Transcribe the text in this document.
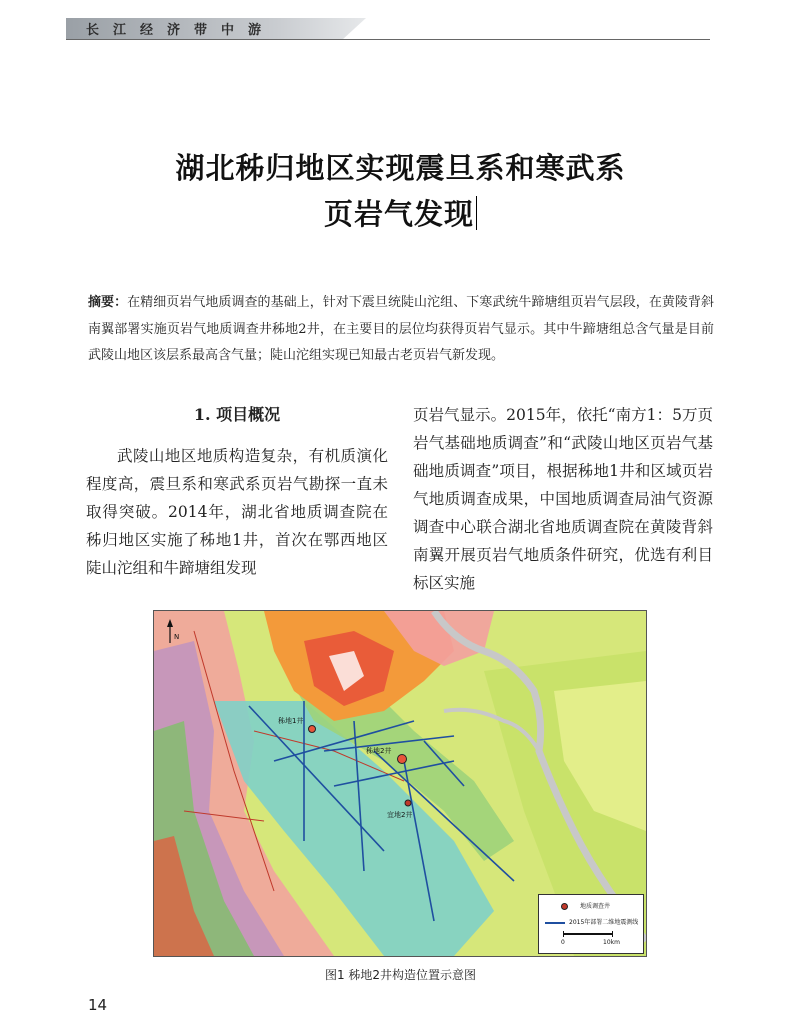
长江经济带中游
湖北秭归地区实现震旦系和寒武系
页岩气发现
摘要：在精细页岩气地质调查的基础上，针对下震旦统陡山沱组、下寒武统牛蹄塘组页岩气层段，在黄陵背斜南翼部署实施页岩气地质调查井秭地2井，在主要目的层位均获得页岩气显示。其中牛蹄塘组总含气量是目前武陵山地区该层系最高含气量；陡山沱组实现已知最古老页岩气新发现。
1. 项目概况
武陵山地区地质构造复杂，有机质演化程度高，震旦系和寒武系页岩气勘探一直未取得突破。2014年，湖北省地质调查院在秭归地区实施了秭地1井，首次在鄂西地区陡山沱组和牛蹄塘组发现
页岩气显示。2015年，依托“南方1：5万页岩气基础地质调查”和“武陵山地区页岩气基础地质调查”项目，根据秭地1井和区域页岩气地质调查成果，中国地质调查局油气资源调查中心联合湖北省地质调查院在黄陵背斜南翼开展页岩气地质条件研究，优选有利目标区实施
秭地1井
秭地2井
宜地2井
N
地质调查井
2015年部署二维地震测线
0	10km
图1 秭地2井构造位置示意图
14
